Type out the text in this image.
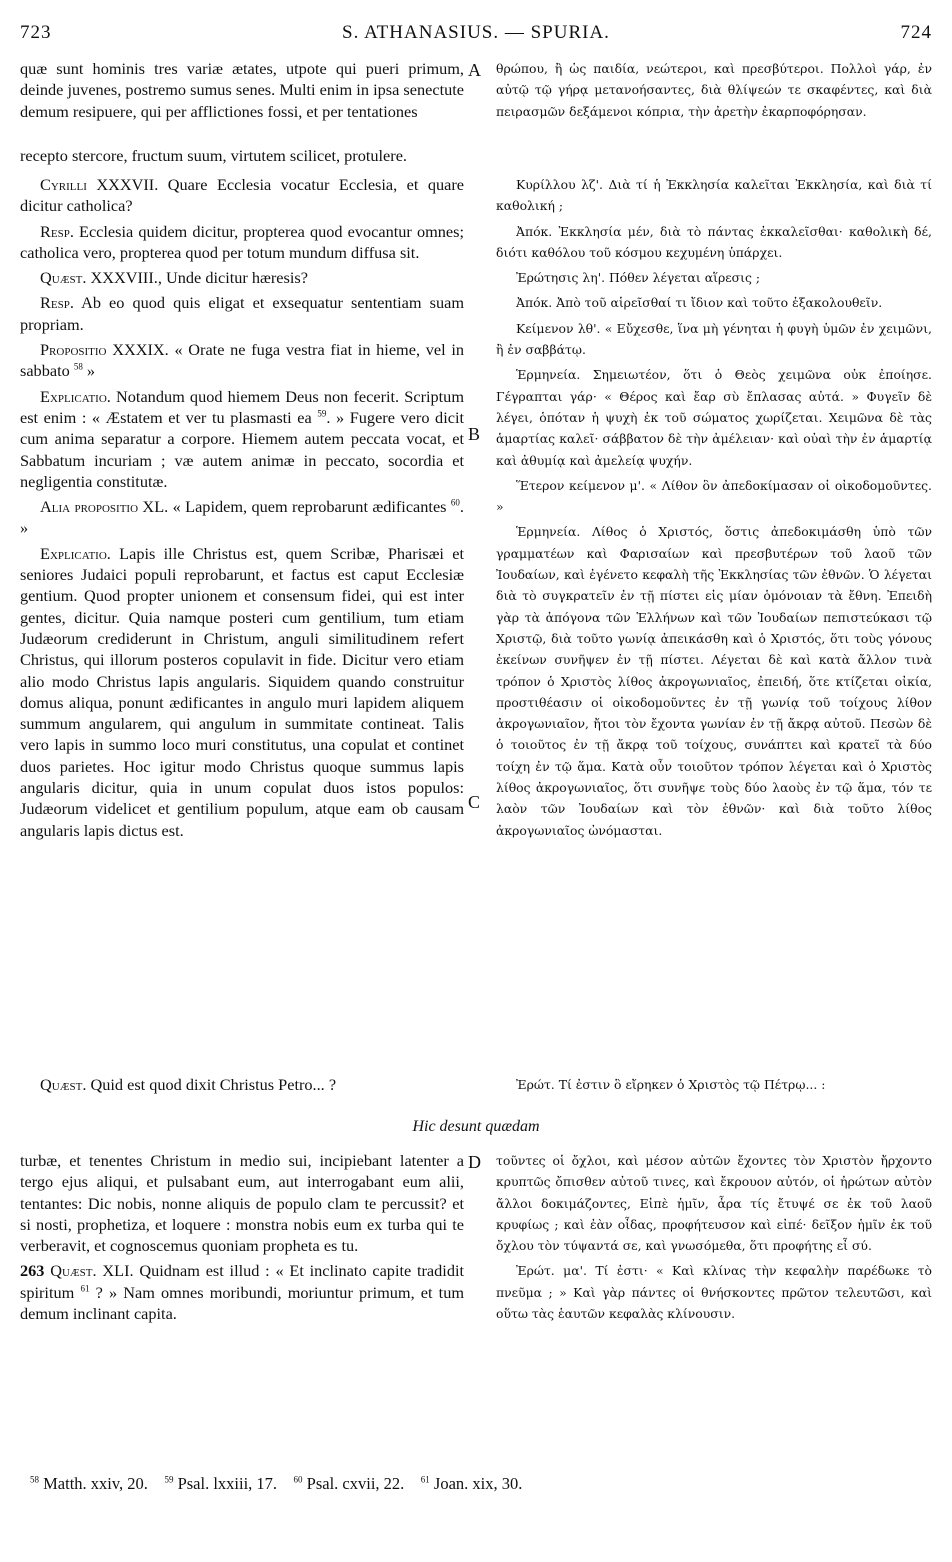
723	S. ATHANASIUS. — SPURIA.	724

quæ sunt hominis tres variæ ætates, utpote qui pueri primum, deinde juvenes, postremo sumus senes. Multi enim in ipsa senectute demum resipuere, qui per afflictiones fossi, et per tentationes

A θρώπου, ἢ ὡς παιδία, νεώτεροι, καὶ πρεσβύτεροι. Πολλοὶ γάρ, ἐν αὐτῷ τῷ γήρᾳ μετανοήσαντες, διὰ θλίψεών τε σκαφέντες, καὶ διὰ πειρασμῶν δεξάμενοι κόπρια, τὴν ἀρετὴν ἐκαρποφόρησαν.

recepto stercore, fructum suum, virtutem scilicet, protulere.

Cyrilli XXXVII. Quare Ecclesia vocatur Ecclesia, et quare dicitur catholica?

Resp. Ecclesia quidem dicitur, propterea quod evocantur omnes; catholica vero, propterea quod per totum mundum diffusa sit.

Quæst. XXXVIII., Unde dicitur hæresis?

Resp. Ab eo quod quis eligat et exsequatur sententiam suam propriam.

Propositio XXXIX. « Orate ne fuga vestra fiat in hieme, vel in sabbato $^{58}$ »

Explicatio. Notandum quod hiemem Deus non fecerit. Scriptum est enim : « Æstatem et ver tu plasmasti ea $^{59}$. » Fugere vero dicit cum anima separatur a corpore. Hiemem autem peccata vocat, et Sabbatum incuriam ; væ autem animæ in peccato, socordia et negligentia constitutæ.

Alia propositio XL. « Lapidem, quem reprobarunt ædificantes $^{60}$. »

Explicatio. Lapis ille Christus est, quem Scribæ, Pharisæi et seniores Judaici populi reprobarunt, et factus est caput Ecclesiæ gentium. Quod propter unionem et consensum fidei, qui est inter gentes, dicitur. Quia namque posteri cum gentilium, tum etiam Judæorum crediderunt in Christum, anguli similitudinem refert Christus, qui illorum posteros copulavit in fide. Dicitur vero etiam alio modo Christus lapis angularis. Siquidem quando construitur domus aliqua, ponunt ædificantes in angulo muri lapidem aliquem summum angularem, qui angulum in summitate contineat. Talis vero lapis in summo loco muri constitutus, una copulat et continet duos parietes. Hoc igitur modo Christus quoque summus lapis angularis dicitur, quia in unum copulat duos istos populos: Judæorum videlicet et gentilium populum, atque eam ob causam angularis lapis dictus est.

Quæst. Quid est quod dixit Christus Petro... ?

B
C

Κυρίλλου λζ'. Διὰ τί ἡ Ἐκκλησία καλεῖται Ἐκκλησία, καὶ διὰ τί καθολική ;

Ἀπόκ. Ἐκκλησία μέν, διὰ τὸ πάντας ἐκκαλεῖσθαι· καθολικὴ δέ, διότι καθόλου τοῦ κόσμου κεχυμένη ὑπάρχει.

Ἐρώτησις λη'. Πόθεν λέγεται αἵρεσις ;

Ἀπόκ. Ἀπὸ τοῦ αἱρεῖσθαί τι ἴδιον καὶ τοῦτο ἐξακολουθεῖν.

Κείμενον λθ'. « Εὔχεσθε, ἵνα μὴ γένηται ἡ φυγὴ ὑμῶν ἐν χειμῶνι, ἢ ἐν σαββάτῳ.

Ἑρμηνεία. Σημειωτέον, ὅτι ὁ Θεὸς χειμῶνα οὐκ ἐποίησε. Γέγραπται γάρ· « Θέρος καὶ ἔαρ σὺ ἔπλασας αὐτά. » Φυγεῖν δὲ λέγει, ὁπόταν ἡ ψυχὴ ἐκ τοῦ σώματος χωρίζεται. Χειμῶνα δὲ τὰς ἁμαρτίας καλεῖ· σάββατον δὲ τὴν ἀμέλειαν· καὶ οὐαὶ τὴν ἐν ἁμαρτίᾳ καὶ ἀθυμίᾳ καὶ ἀμελείᾳ ψυχήν.

Ἕτερον κείμενον μ'. « Λίθον ὃν ἀπεδοκίμασαν οἱ οἰκοδομοῦντες. »

Ἑρμηνεία. Λίθος ὁ Χριστός, ὅστις ἀπεδοκιμάσθη ὑπὸ τῶν γραμματέων καὶ Φαρισαίων καὶ πρεσβυτέρων τοῦ λαοῦ τῶν Ἰουδαίων, καὶ ἐγένετο κεφαλὴ τῆς Ἐκκλησίας τῶν ἐθνῶν. Ὁ λέγεται διὰ τὸ συγκρατεῖν ἐν τῇ πίστει εἰς μίαν ὁμόνοιαν τὰ ἔθνη. Ἐπειδὴ γὰρ τὰ ἀπόγονα τῶν Ἑλλήνων καὶ τῶν Ἰουδαίων πεπιστεύκασι τῷ Χριστῷ, διὰ τοῦτο γωνίᾳ ἀπεικάσθη καὶ ὁ Χριστός, ὅτι τοὺς γόνους ἐκείνων συνῆψεν ἐν τῇ πίστει. Λέγεται δὲ καὶ κατὰ ἄλλον τινὰ τρόπον ὁ Χριστὸς λίθος ἀκρογωνιαῖος, ἐπειδή, ὅτε κτίζεται οἰκία, προστιθέασιν οἱ οἰκοδομοῦντες ἐν τῇ γωνίᾳ τοῦ τοίχους λίθον ἀκρογωνιαῖον, ἤτοι τὸν ἔχοντα γωνίαν ἐν τῇ ἄκρᾳ αὐτοῦ. Πεσὼν δὲ ὁ τοιοῦτος ἐν τῇ ἄκρᾳ τοῦ τοίχους, συνάπτει καὶ κρατεῖ τὰ δύο τοίχη ἐν τῷ ἅμα. Κατὰ οὖν τοιοῦτον τρόπον λέγεται καὶ ὁ Χριστὸς λίθος ἀκρογωνιαῖος, ὅτι συνῆψε τοὺς δύο λαοὺς ἐν τῷ ἅμα, τόν τε λαὸν τῶν Ἰουδαίων καὶ τὸν ἐθνῶν· καὶ διὰ τοῦτο λίθος ἀκρογωνιαῖος ὠνόμασται.

Ἐρώτ. Τί ἐστιν ὃ εἴρηκεν ὁ Χριστὸς τῷ Πέτρῳ... :

Hic desunt quædam

turbæ, et tenentes Christum in medio sui, incipiebant latenter a tergo ejus aliqui, et pulsabant eum, aut interrogabant eum alii, tentantes: Dic nobis, nonne aliquis de populo clam te percussit? et si nosti, prophetiza, et loquere : monstra nobis eum ex turba qui te verberavit, et cognoscemus quoniam propheta es tu.

263 Quæst. XLI. Quidnam est illud : « Et inclinato capite tradidit spiritum $^{61}$ ? » Nam omnes moribundi, moriuntur primum, et tum demum inclinant capita.

D τοῦντες οἱ ὄχλοι, καὶ μέσον αὐτῶν ἔχοντες τὸν Χριστὸν ἤρχοντο κρυπτῶς ὄπισθεν αὐτοῦ τινες, καὶ ἔκρουον αὐτόν, οἱ ἠρώτων αὐτὸν ἄλλοι δοκιμάζοντες, Εἰπὲ ἡμῖν, ἆρα τίς ἔτυψέ σε ἐκ τοῦ λαοῦ κρυφίως ; καὶ ἐὰν οἶδας, προφήτευσον καὶ εἰπέ· δεῖξον ἡμῖν ἐκ τοῦ ὄχλου τὸν τύψαντά σε, καὶ γνωσόμεθα, ὅτι προφήτης εἶ σύ.

Ἐρώτ. μα'. Τί ἐστι· « Καὶ κλίνας τὴν κεφαλὴν παρέδωκε τὸ πνεῦμα ; » Καὶ γὰρ πάντες οἱ θνήσκοντες πρῶτον τελευτῶσι, καὶ οὕτω τὰς ἑαυτῶν κεφαλὰς κλίνουσιν.

$^{58}$ Matth. xxiv, 20. $^{59}$ Psal. lxxiii, 17. $^{60}$ Psal. cxvii, 22. $^{61}$ Joan. xix, 30.
